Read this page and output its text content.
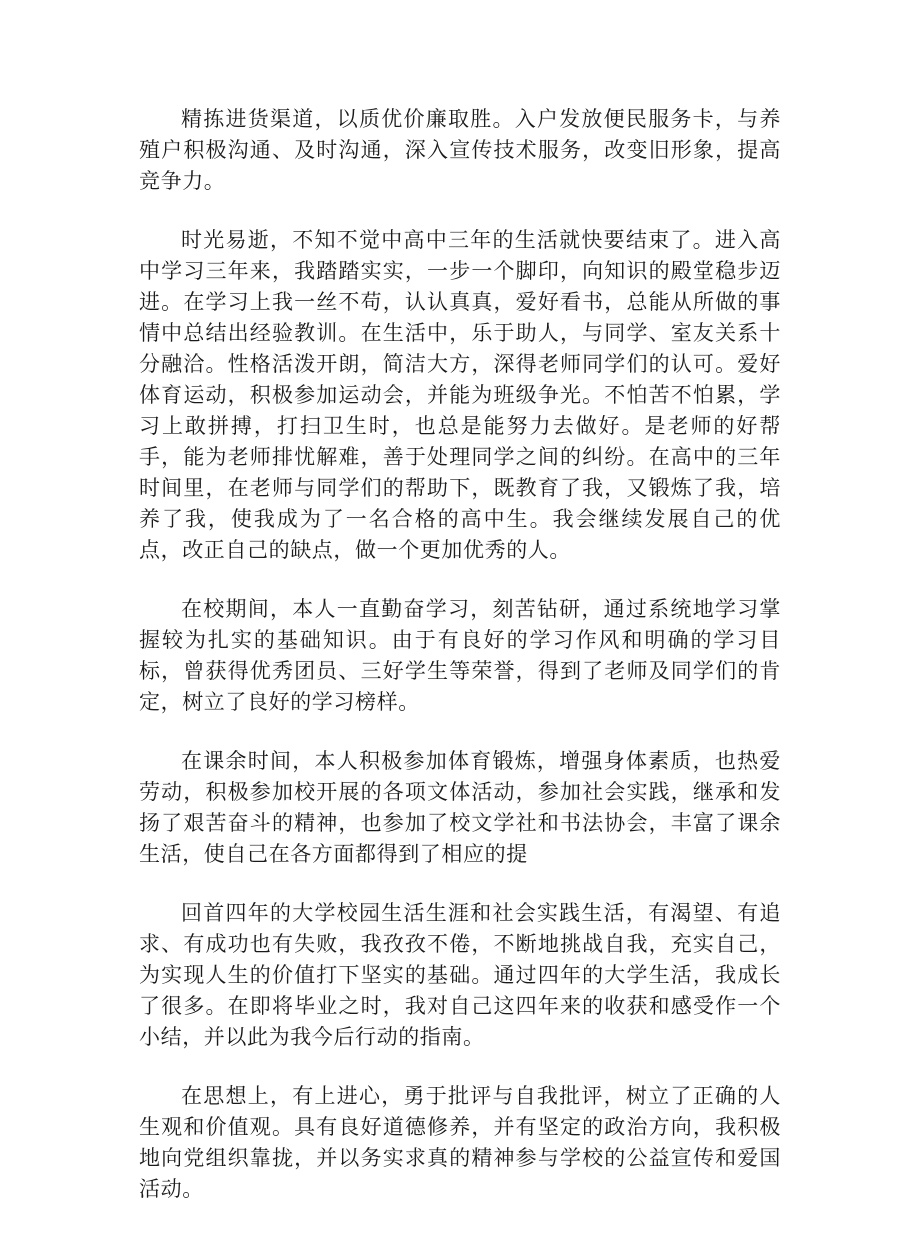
精拣进货渠道，以质优价廉取胜。入户发放便民服务卡，与养殖户积极沟通、及时沟通，深入宣传技术服务，改变旧形象，提高竞争力。

时光易逝，不知不觉中高中三年的生活就快要结束了。进入高中学习三年来，我踏踏实实，一步一个脚印，向知识的殿堂稳步迈进。在学习上我一丝不苟，认认真真，爱好看书，总能从所做的事情中总结出经验教训。在生活中，乐于助人，与同学、室友关系十分融洽。性格活泼开朗，简洁大方，深得老师同学们的认可。爱好体育运动，积极参加运动会，并能为班级争光。不怕苦不怕累，学习上敢拼搏，打扫卫生时，也总是能努力去做好。是老师的好帮手，能为老师排忧解难，善于处理同学之间的纠纷。在高中的三年时间里，在老师与同学们的帮助下，既教育了我，又锻炼了我，培养了我，使我成为了一名合格的高中生。我会继续发展自己的优点，改正自己的缺点，做一个更加优秀的人。

在校期间，本人一直勤奋学习，刻苦钻研，通过系统地学习掌握较为扎实的基础知识。由于有良好的学习作风和明确的学习目标，曾获得优秀团员、三好学生等荣誉，得到了老师及同学们的肯定，树立了良好的学习榜样。

在课余时间，本人积极参加体育锻炼，增强身体素质，也热爱劳动，积极参加校开展的各项文体活动，参加社会实践，继承和发扬了艰苦奋斗的精神，也参加了校文学社和书法协会，丰富了课余生活，使自己在各方面都得到了相应的提

回首四年的大学校园生活生涯和社会实践生活，有渴望、有追求、有成功也有失败，我孜孜不倦，不断地挑战自我，充实自己，为实现人生的价值打下坚实的基础。通过四年的大学生活，我成长了很多。在即将毕业之时，我对自己这四年来的收获和感受作一个小结，并以此为我今后行动的指南。

在思想上，有上进心，勇于批评与自我批评，树立了正确的人生观和价值观。具有良好道德修养，并有坚定的政治方向，我积极地向党组织靠拢，并以务实求真的精神参与学校的公益宣传和爱国活动。
